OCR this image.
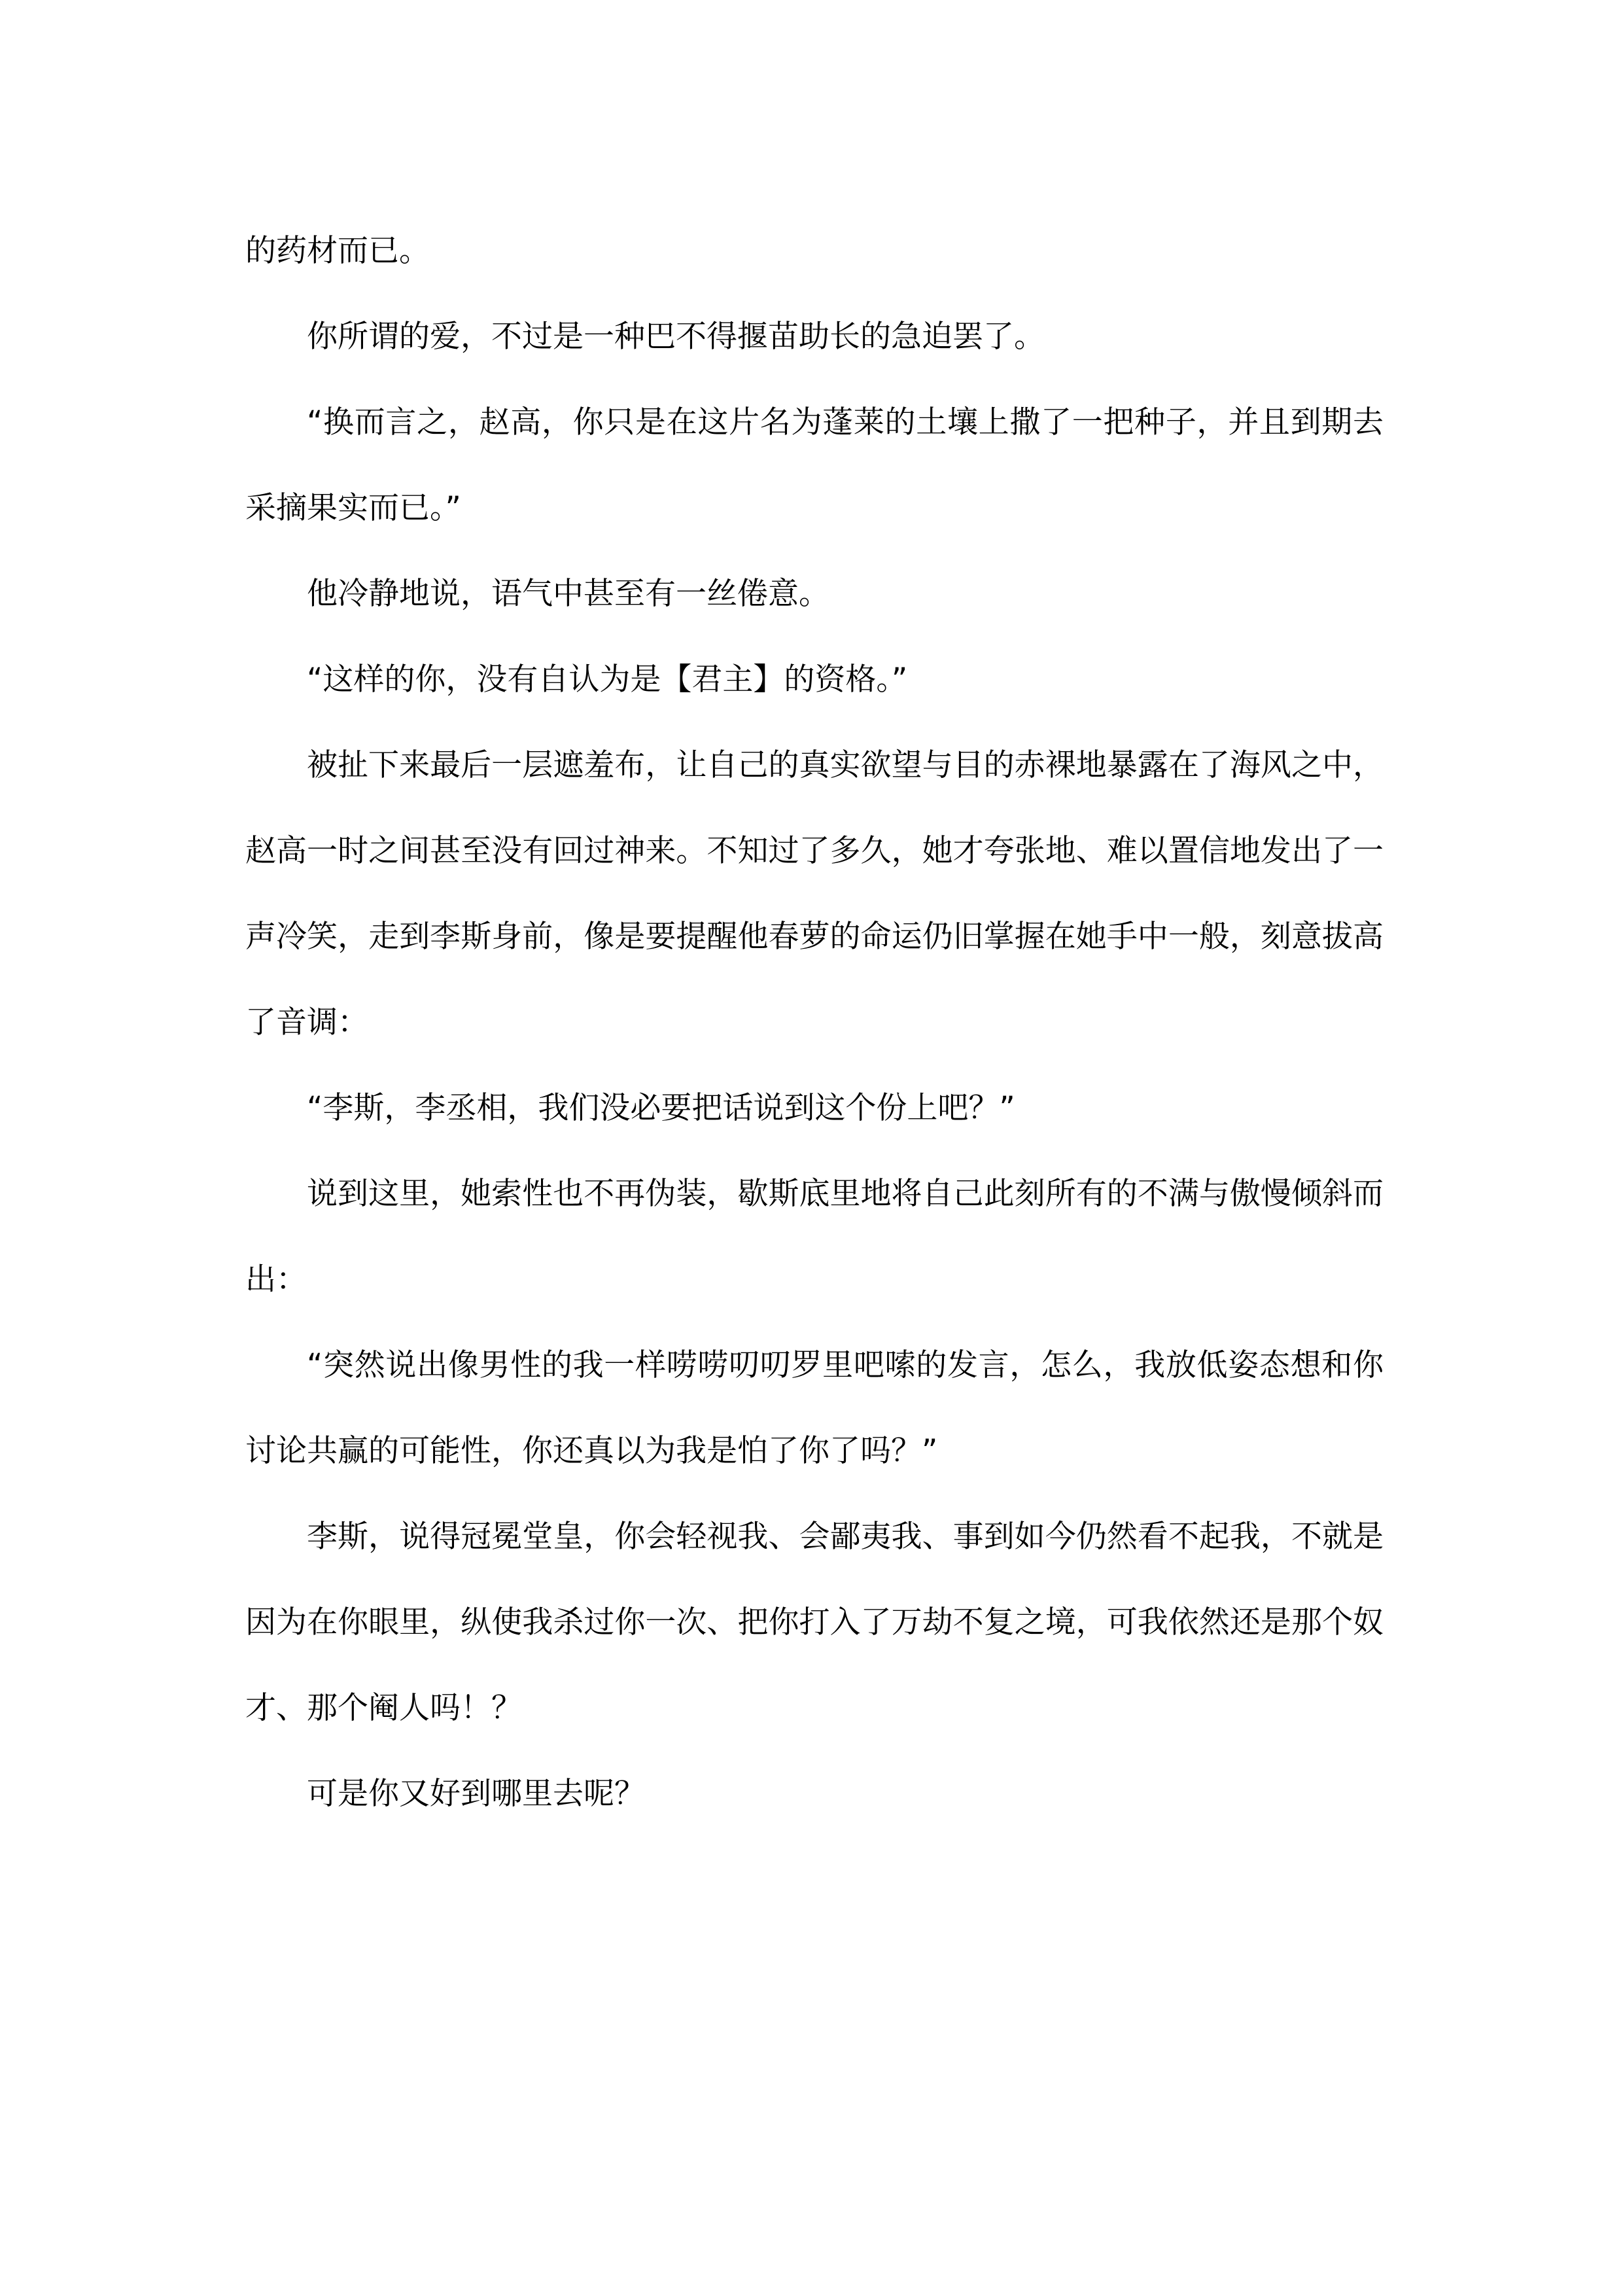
的药材而已。

你所谓的爱，不过是一种巴不得揠苗助长的急迫罢了。

“换而言之，赵高，你只是在这片名为蓬莱的土壤上撒了一把种子，并且到期去采摘果实而已。”

他冷静地说，语气中甚至有一丝倦意。

“这样的你，没有自认为是【君主】的资格。”

被扯下来最后一层遮羞布，让自己的真实欲望与目的赤裸地暴露在了海风之中，赵高一时之间甚至没有回过神来。不知过了多久，她才夸张地、难以置信地发出了一声冷笑，走到李斯身前，像是要提醒他春萝的命运仍旧掌握在她手中一般，刻意拔高了音调：

“李斯，李丞相，我们没必要把话说到这个份上吧？”

说到这里，她索性也不再伪装，歇斯底里地将自己此刻所有的不满与傲慢倾斜而出：

“突然说出像男性的我一样唠唠叨叨罗里吧嗦的发言，怎么，我放低姿态想和你讨论共赢的可能性，你还真以为我是怕了你了吗？”

李斯，说得冠冕堂皇，你会轻视我、会鄙夷我、事到如今仍然看不起我，不就是因为在你眼里，纵使我杀过你一次、把你打入了万劫不复之境，可我依然还是那个奴才、那个阉人吗！？

可是你又好到哪里去呢？
